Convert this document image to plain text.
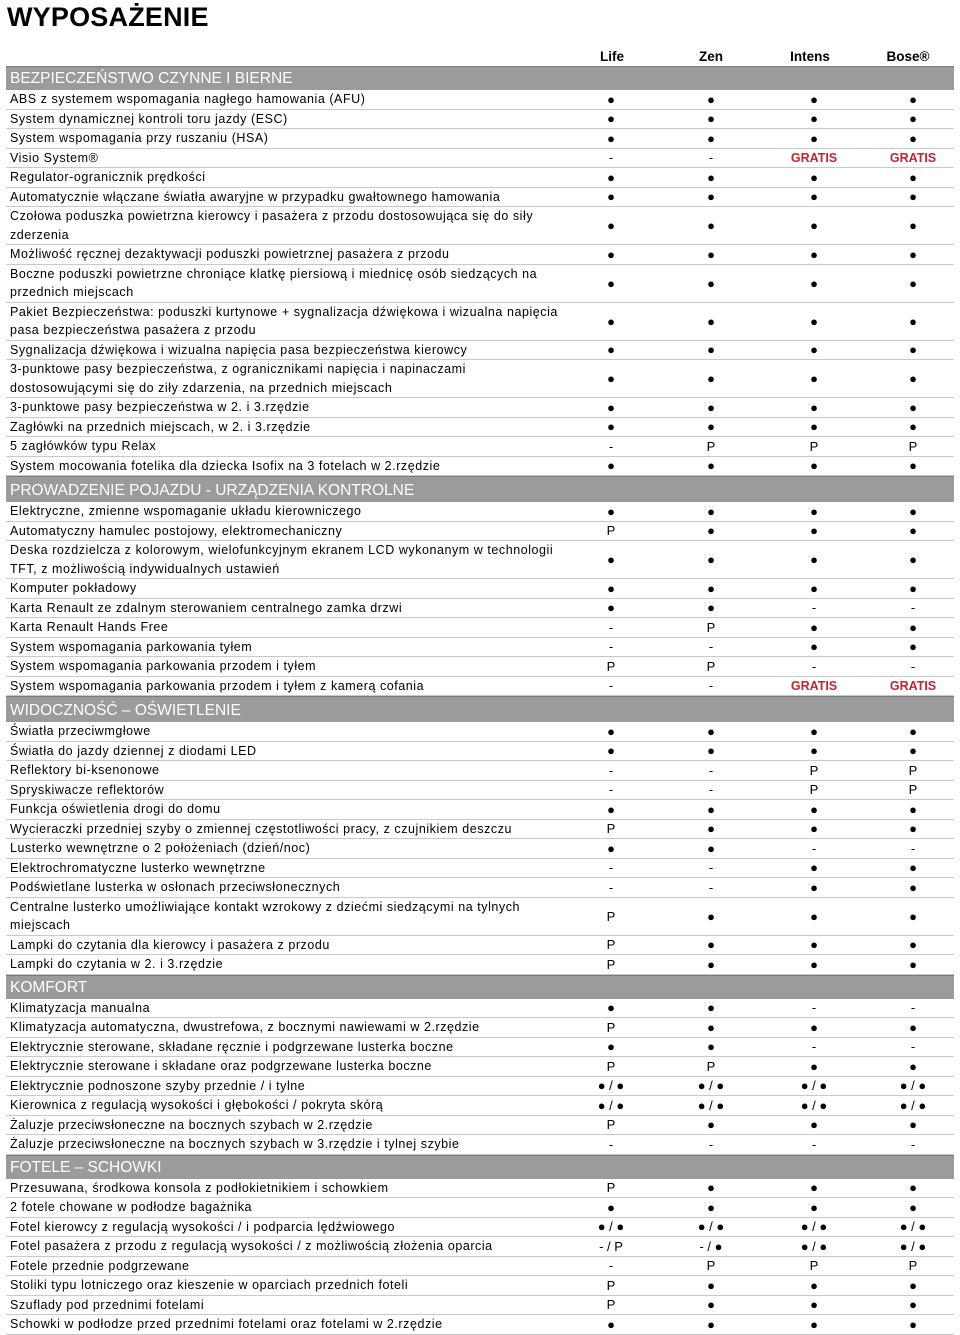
WYPOSAŻENIE
Life	Zen	Intens	Bose®
BEZPIECZEŃSTWO CZYNNE I BIERNE
ABS z systemem wspomagania nagłego hamowania (AFU)	●	●	●	●
System dynamicznej kontroli toru jazdy (ESC)	●	●	●	●
System wspomagania przy ruszaniu (HSA)	●	●	●	●
Visio System®	-	-	GRATIS	GRATIS
Regulator-ogranicznik prędkości	●	●	●	●
Automatycznie włączane światła awaryjne w przypadku gwałtownego hamowania	●	●	●	●
Czołowa poduszka powietrzna kierowcy i pasażera z przodu dostosowująca się do siły zderzenia
●	●	●	●
Możliwość ręcznej dezaktywacji poduszki powietrznej pasażera z przodu	●	●	●	●
Boczne poduszki powietrzne chroniące klatkę piersiową i miednicę osób siedzących na przednich miejscach
●	●	●	●
Pakiet Bezpieczeństwa: poduszki kurtynowe + sygnalizacja dźwiękowa i wizualna napięcia pasa bezpieczeństwa pasażera z przodu
●	●	●	●
Sygnalizacja dźwiękowa i wizualna napięcia pasa bezpieczeństwa kierowcy	●	●	●	●
3-punktowe pasy bezpieczeństwa, z ogranicznikami napięcia i napinaczami dostosowującymi się do ziły zdarzenia, na przednich miejscach
●	●	●	●
3-punktowe pasy bezpieczeństwa w 2. i 3.rzędzie	●	●	●	●
Zagłówki na przednich miejscach, w 2. i 3.rzędzie	●	●	●	●
5 zagłówków typu Relax	-	P	P	P
System mocowania fotelika dla dziecka Isofix na 3 fotelach w 2.rzędzie	●	●	●	●
PROWADZENIE POJAZDU - URZĄDZENIA KONTROLNE
Elektryczne, zmienne wspomaganie układu kierowniczego	●	●	●	●
Automatyczny hamulec postojowy, elektromechaniczny	P	●	●	●
Deska rozdzielcza z kolorowym, wielofunkcyjnym ekranem LCD wykonanym w technologii TFT, z możliwością indywidualnych ustawień
●	●	●	●
Komputer pokładowy	●	●	●	●
Karta Renault ze zdalnym sterowaniem centralnego zamka drzwi	●	●	-	-
Karta Renault Hands Free	-	P	●	●
System wspomagania parkowania tyłem	-	-	●	●
System wspomagania parkowania przodem i tyłem	P	P	-	-
System wspomagania parkowania przodem i tyłem z kamerą cofania	-	-	GRATIS	GRATIS
WIDOCZNOŚĆ – OŚWIETLENIE
Światła przeciwmgłowe	●	●	●	●
Światła do jazdy dziennej z diodami LED	●	●	●	●
Reflektory bi-ksenonowe	-	-	P	P
Spryskiwacze reflektorów	-	-	P	P
Funkcja oświetlenia drogi do domu	●	●	●	●
Wycieraczki przedniej szyby o zmiennej częstotliwości pracy, z czujnikiem deszczu	P	●	●	●
Lusterko wewnętrzne o 2 położeniach (dzień/noc)	●	●	-	-
Elektrochromatyczne lusterko wewnętrzne	-	-	●	●
Podświetlane lusterka w osłonach przeciwsłonecznych	-	-	●	●
Centralne lusterko umożliwiające kontakt wzrokowy z dziećmi siedzącymi na tylnych miejscach
P	●	●	●
Lampki do czytania dla kierowcy i pasażera z przodu	P	●	●	●
Lampki do czytania w 2. i 3.rzędzie	P	●	●	●
KOMFORT
Klimatyzacja manualna	●	●	-	-
Klimatyzacja automatyczna, dwustrefowa, z bocznymi nawiewami w 2.rzędzie	P	●	●	●
Elektrycznie sterowane, składane ręcznie i podgrzewane lusterka boczne	●	●	-	-
Elektrycznie sterowane i składane oraz podgrzewane lusterka boczne	P	P	●	●
Elektrycznie podnoszone szyby przednie / i tylne	● / ●	● / ●	● / ●	● / ●
Kierownica z regulacją wysokości i głębokości / pokryta skórą	● / ●	● / ●	● / ●	● / ●
Żaluzje przeciwsłoneczne na bocznych szybach w 2.rzędzie	P	●	●	●
Żaluzje przeciwsłoneczne na bocznych szybach w 3.rzędzie i tylnej szybie	-	-	-	-
FOTELE – SCHOWKI
Przesuwana, środkowa konsola z podłokietnikiem i schowkiem	P	●	●	●
2 fotele chowane w podłodze bagażnika	●	●	●	●
Fotel kierowcy z regulacją wysokości / i podparcia lędźwiowego	● / ●	● / ●	● / ●	● / ●
Fotel pasażera z przodu z regulacją wysokości / z możliwością złożenia oparcia	- / P	- / ●	● / ●	● / ●
Fotele przednie podgrzewane	-	P	P	P
Stoliki typu lotniczego oraz kieszenie w oparciach przednich foteli	P	●	●	●
Szuflady pod przednimi fotelami	P	●	●	●
Schowki w podłodze przed przednimi fotelami oraz fotelami w 2.rzędzie	●	●	●	●
